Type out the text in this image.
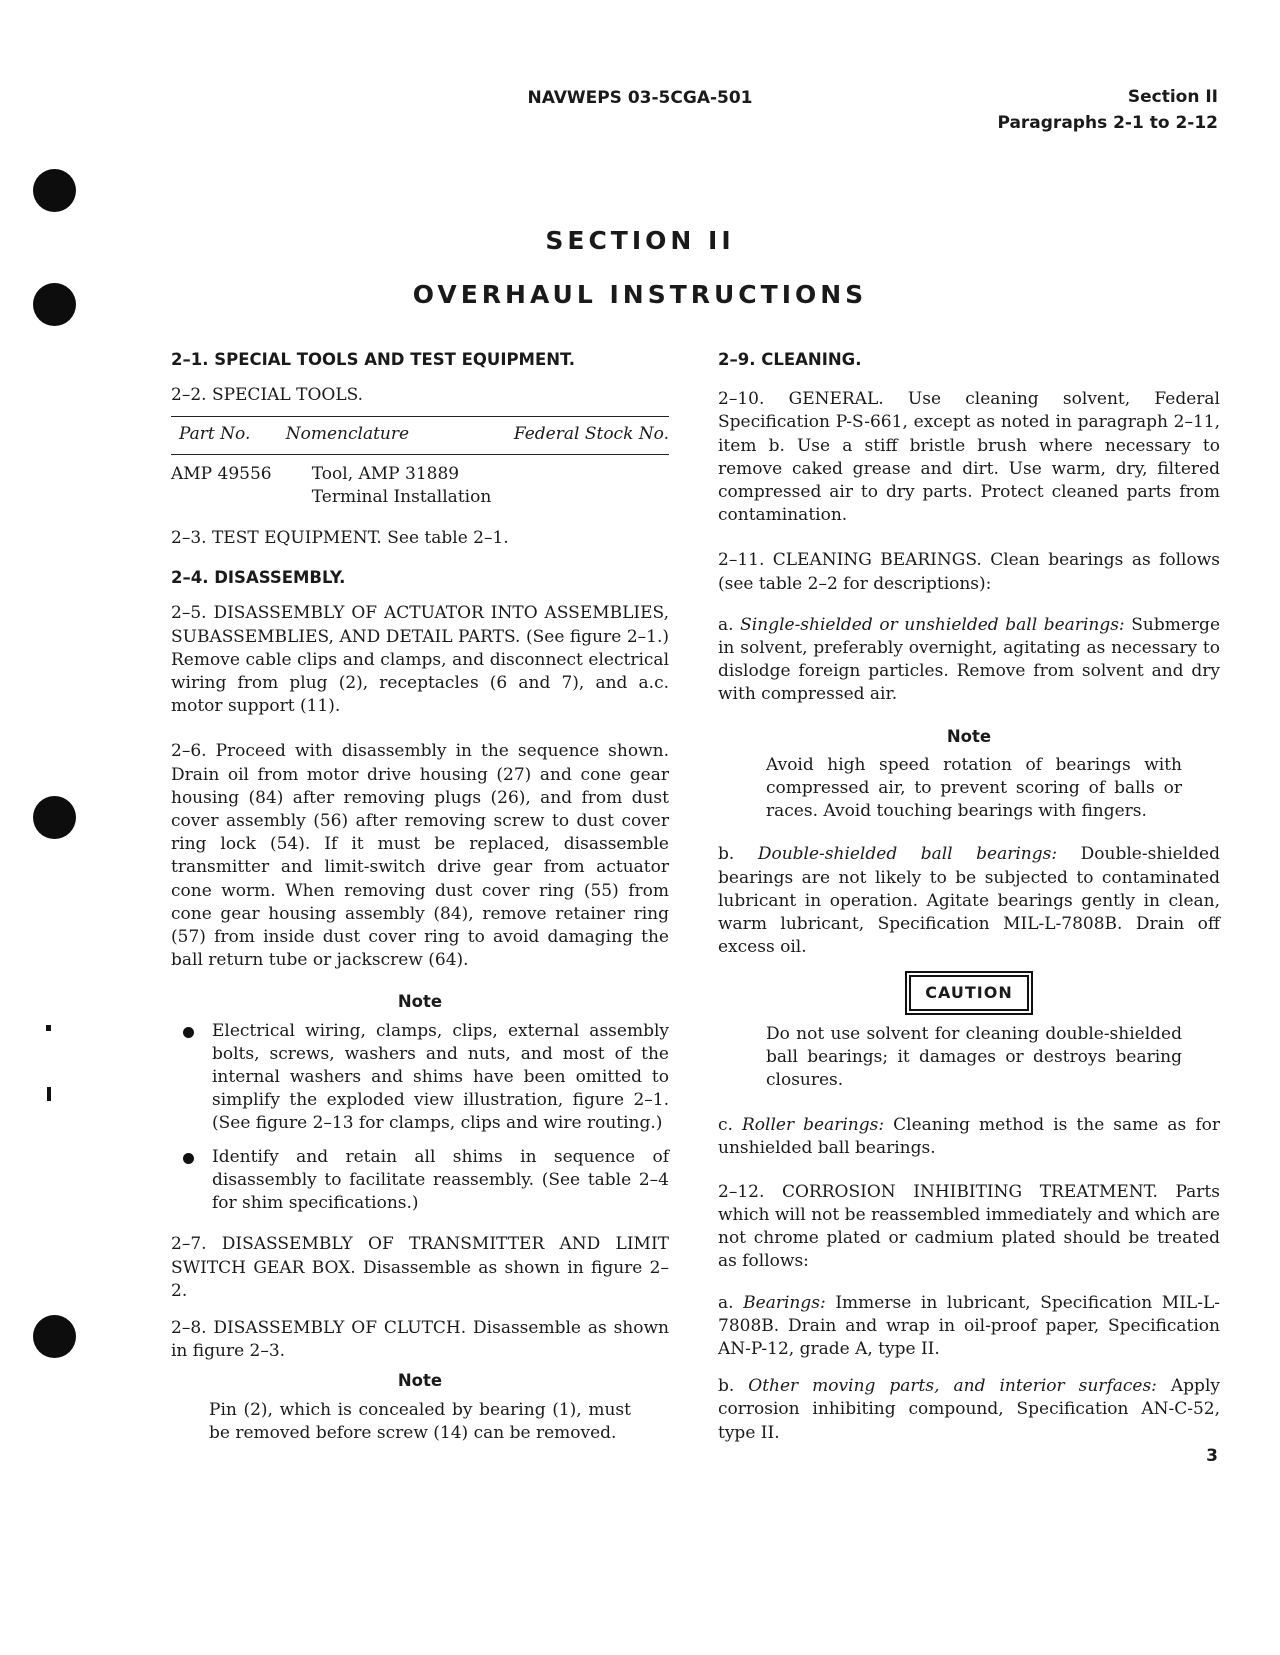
NAVWEPS 03-5CGA-501	Section II
Paragraphs 2-1 to 2-12
SECTION II
OVERHAUL INSTRUCTIONS
2–1. SPECIAL TOOLS AND TEST EQUIPMENT.

2–2. SPECIAL TOOLS.

Part No.	Nomenclature	Federal Stock No.
AMP 49556	Tool, AMP 31889
Terminal Installation	

2–3. TEST EQUIPMENT. See table 2–1.

2–4. DISASSEMBLY.

2–5. DISASSEMBLY OF ACTUATOR INTO ASSEMBLIES, SUBASSEMBLIES, AND DETAIL PARTS. (See figure 2–1.) Remove cable clips and clamps, and disconnect electrical wiring from plug (2), receptacles (6 and 7), and a.c. motor support (11).

2–6. Proceed with disassembly in the sequence shown. Drain oil from motor drive housing (27) and cone gear housing (84) after removing plugs (26), and from dust cover assembly (56) after removing screw to dust cover ring lock (54). If it must be replaced, disassemble transmitter and limit-switch drive gear from actuator cone worm. When removing dust cover ring (55) from cone gear housing assembly (84), remove retainer ring (57) from inside dust cover ring to avoid damaging the ball return tube or jackscrew (64).

Note
Electrical wiring, clamps, clips, external assembly bolts, screws, washers and nuts, and most of the internal washers and shims have been omitted to simplify the exploded view illustration, figure 2–1. (See figure 2–13 for clamps, clips and wire routing.)
Identify and retain all shims in sequence of disassembly to facilitate reassembly. (See table 2–4 for shim specifications.)

2–7. DISASSEMBLY OF TRANSMITTER AND LIMIT SWITCH GEAR BOX. Disassemble as shown in figure 2–2.

2–8. DISASSEMBLY OF CLUTCH. Disassemble as shown in figure 2–3.

Note

Pin (2), which is concealed by bearing (1), must be removed before screw (14) can be removed.

2–9. CLEANING.

2–10. GENERAL. Use cleaning solvent, Federal Specification P-S-661, except as noted in paragraph 2–11, item b. Use a stiff bristle brush where necessary to remove caked grease and dirt. Use warm, dry, filtered compressed air to dry parts. Protect cleaned parts from contamination.

2–11. CLEANING BEARINGS. Clean bearings as follows (see table 2–2 for descriptions):

a. Single-shielded or unshielded ball bearings: Submerge in solvent, preferably overnight, agitating as necessary to dislodge foreign particles. Remove from solvent and dry with compressed air.

Note

Avoid high speed rotation of bearings with compressed air, to prevent scoring of balls or races. Avoid touching bearings with fingers.

b. Double-shielded ball bearings: Double-shielded bearings are not likely to be subjected to contaminated lubricant in operation. Agitate bearings gently in clean, warm lubricant, Specification MIL-L-7808B. Drain off excess oil.

CAUTION

Do not use solvent for cleaning double-shielded ball bearings; it damages or destroys bearing closures.

c. Roller bearings: Cleaning method is the same as for unshielded ball bearings.

2–12. CORROSION INHIBITING TREATMENT. Parts which will not be reassembled immediately and which are not chrome plated or cadmium plated should be treated as follows:

a. Bearings: Immerse in lubricant, Specification MIL-L-7808B. Drain and wrap in oil-proof paper, Specification AN-P-12, grade A, type II.

b. Other moving parts, and interior surfaces: Apply corrosion inhibiting compound, Specification AN-C-52, type II.

3
